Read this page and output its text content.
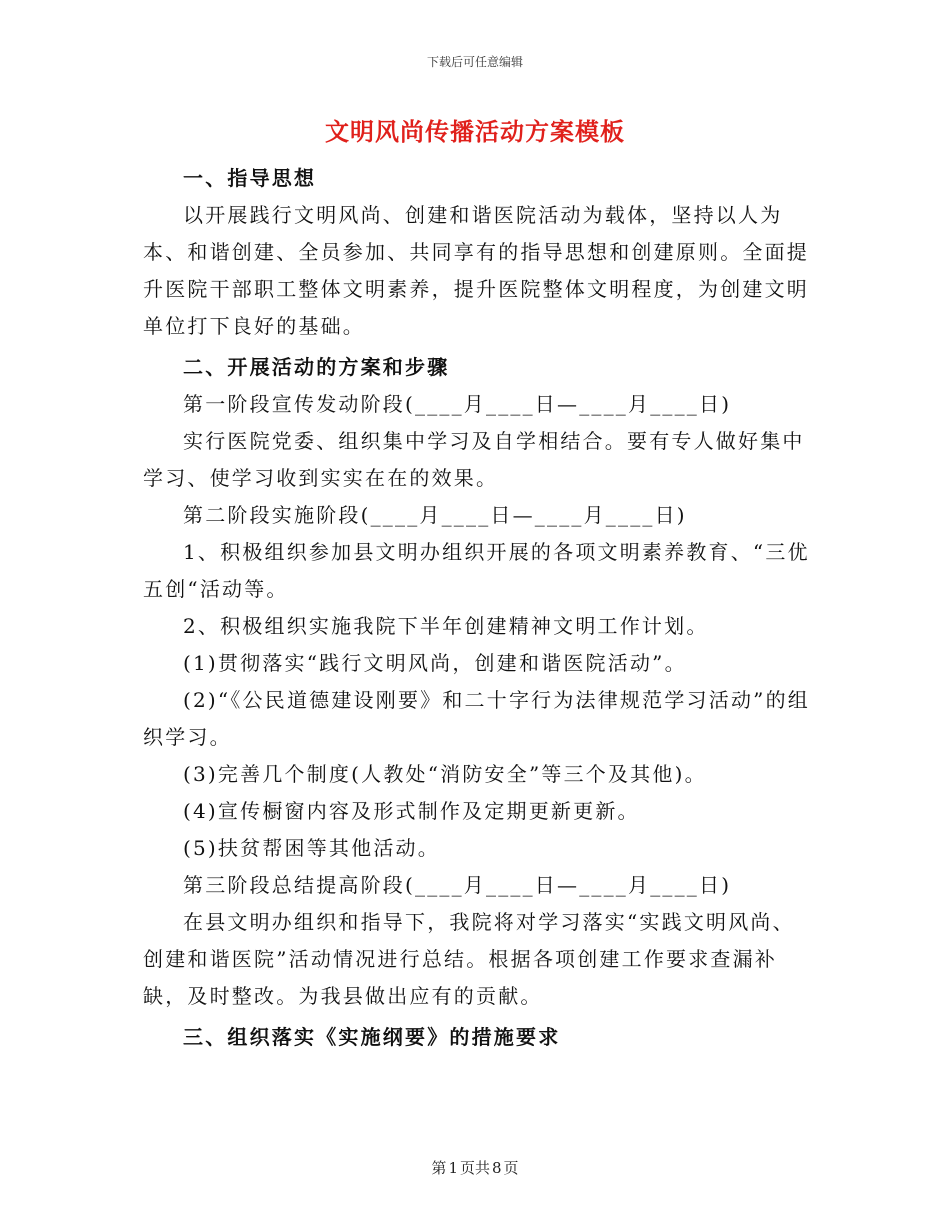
下载后可任意编辑
文明风尚传播活动方案模板

一、指导思想

以开展践行文明风尚、创建和谐医院活动为载体，坚持以人为本、和谐创建、全员参加、共同享有的指导思想和创建原则。全面提升医院干部职工整体文明素养，提升医院整体文明程度，为创建文明单位打下良好的基础。

二、开展活动的方案和步骤

第一阶段宣传发动阶段(____月____日—____月____日)

实行医院党委、组织集中学习及自学相结合。要有专人做好集中学习、使学习收到实实在在的效果。

第二阶段实施阶段(____月____日—____月____日)

1、积极组织参加县文明办组织开展的各项文明素养教育、“三优五创“活动等。

2、积极组织实施我院下半年创建精神文明工作计划。

(1)贯彻落实“践行文明风尚，创建和谐医院活动”。

(2)“《公民道德建设刚要》和二十字行为法律规范学习活动”的组织学习。

(3)完善几个制度(人教处“消防安全”等三个及其他)。

(4)宣传橱窗内容及形式制作及定期更新更新。

(5)扶贫帮困等其他活动。

第三阶段总结提高阶段(____月____日—____月____日)

在县文明办组织和指导下，我院将对学习落实“实践文明风尚、创建和谐医院”活动情况进行总结。根据各项创建工作要求查漏补缺，及时整改。为我县做出应有的贡献。

三、组织落实《实施纲要》的措施要求

第 1 页共 8 页
